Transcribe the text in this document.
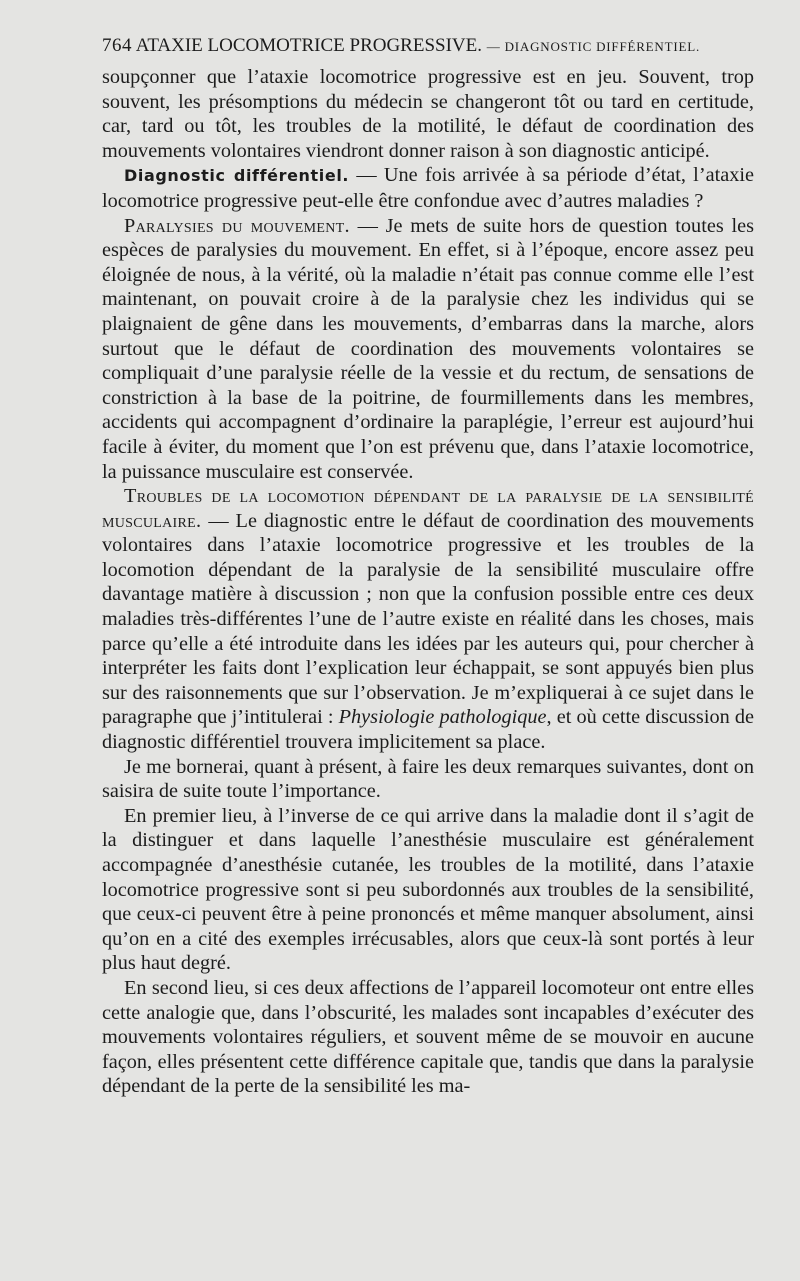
764 ATAXIE LOCOMOTRICE PROGRESSIVE. — DIAGNOSTIC DIFFÉRENTIEL.

soupçonner que l’ataxie locomotrice progressive est en jeu. Souvent, trop souvent, les présomptions du médecin se changeront tôt ou tard en certitude, car, tard ou tôt, les troubles de la motilité, le défaut de coordination des mouvements volontaires viendront donner raison à son diagnostic anticipé.

Diagnostic différentiel. — Une fois arrivée à sa période d’état, l’ataxie locomotrice progressive peut-elle être confondue avec d’autres maladies ?

Paralysies du mouvement. — Je mets de suite hors de question toutes les espèces de paralysies du mouvement. En effet, si à l’époque, encore assez peu éloignée de nous, à la vérité, où la maladie n’était pas connue comme elle l’est maintenant, on pouvait croire à de la paralysie chez les individus qui se plaignaient de gêne dans les mouvements, d’embarras dans la marche, alors surtout que le défaut de coordination des mouvements volontaires se compliquait d’une paralysie réelle de la vessie et du rectum, de sensations de constriction à la base de la poitrine, de fourmillements dans les membres, accidents qui accompagnent d’ordinaire la paraplégie, l’erreur est aujourd’hui facile à éviter, du moment que l’on est prévenu que, dans l’ataxie locomotrice, la puissance musculaire est conservée.

Troubles de la locomotion dépendant de la paralysie de la sensibilité musculaire. — Le diagnostic entre le défaut de coordination des mouvements volontaires dans l’ataxie locomotrice progressive et les troubles de la locomotion dépendant de la paralysie de la sensibilité musculaire offre davantage matière à discussion ; non que la confusion possible entre ces deux maladies très-différentes l’une de l’autre existe en réalité dans les choses, mais parce qu’elle a été introduite dans les idées par les auteurs qui, pour chercher à interpréter les faits dont l’explication leur échappait, se sont appuyés bien plus sur des raisonnements que sur l’observation. Je m’expliquerai à ce sujet dans le paragraphe que j’intitulerai : Physiologie pathologique, et où cette discussion de diagnostic différentiel trouvera implicitement sa place.

Je me bornerai, quant à présent, à faire les deux remarques suivantes, dont on saisira de suite toute l’importance.

En premier lieu, à l’inverse de ce qui arrive dans la maladie dont il s’agit de la distinguer et dans laquelle l’anesthésie musculaire est généralement accompagnée d’anesthésie cutanée, les troubles de la motilité, dans l’ataxie locomotrice progressive sont si peu subordonnés aux troubles de la sensibilité, que ceux-ci peuvent être à peine prononcés et même manquer absolument, ainsi qu’on en a cité des exemples irrécusables, alors que ceux-là sont portés à leur plus haut degré.

En second lieu, si ces deux affections de l’appareil locomoteur ont entre elles cette analogie que, dans l’obscurité, les malades sont incapables d’exécuter des mouvements volontaires réguliers, et souvent même de se mouvoir en aucune façon, elles présentent cette différence capitale que, tandis que dans la paralysie dépendant de la perte de la sensibilité les ma-
